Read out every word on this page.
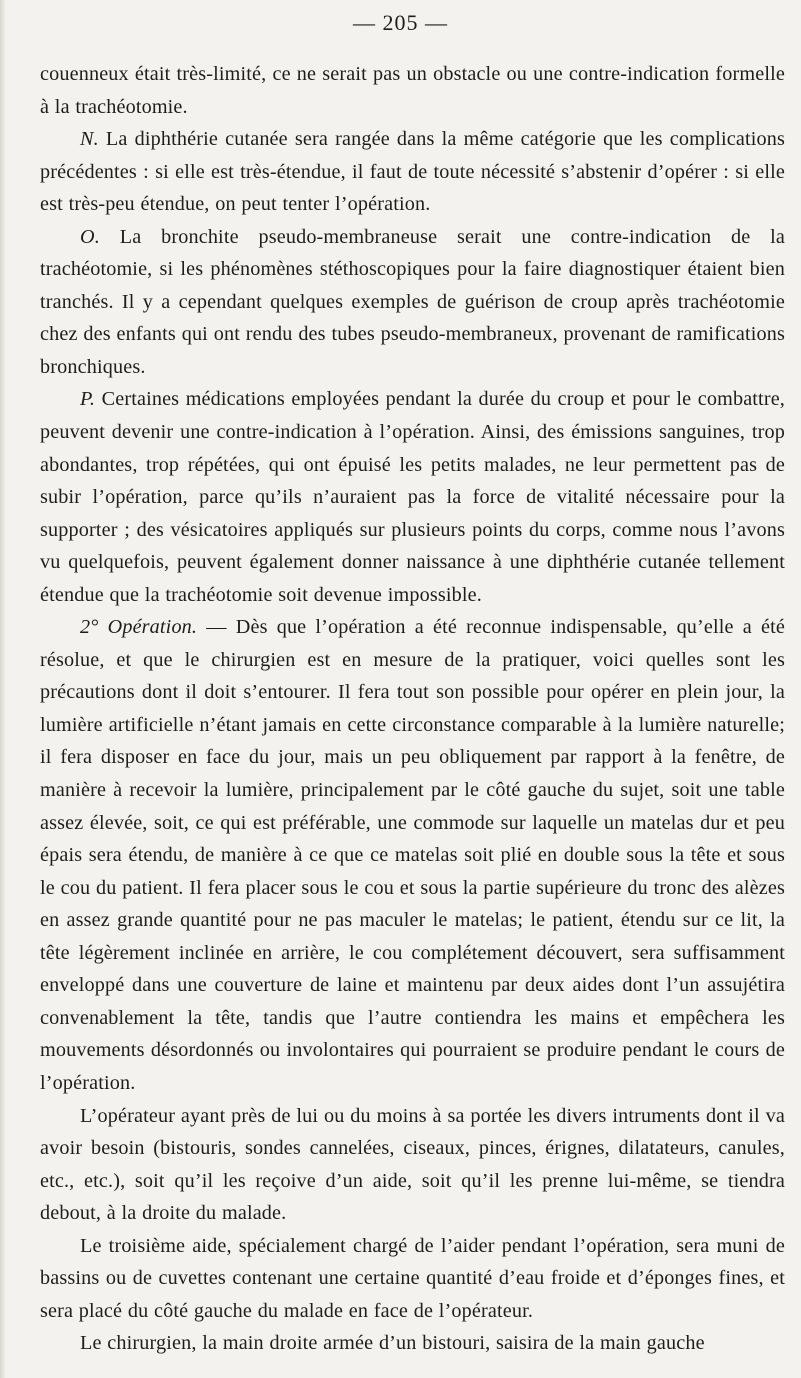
— 205 —

couenneux était très-limité, ce ne serait pas un obstacle ou une contre-indication formelle à la trachéotomie.

N. La diphthérie cutanée sera rangée dans la même catégorie que les complications précédentes : si elle est très-étendue, il faut de toute nécessité s’abstenir d’opérer : si elle est très-peu étendue, on peut tenter l’opération.

O. La bronchite pseudo-membraneuse serait une contre-indication de la trachéotomie, si les phénomènes stéthoscopiques pour la faire diagnostiquer étaient bien tranchés. Il y a cependant quelques exemples de guérison de croup après trachéotomie chez des enfants qui ont rendu des tubes pseudo-membraneux, provenant de ramifications bronchiques.

P. Certaines médications employées pendant la durée du croup et pour le combattre, peuvent devenir une contre-indication à l’opération. Ainsi, des émissions sanguines, trop abondantes, trop répétées, qui ont épuisé les petits malades, ne leur permettent pas de subir l’opération, parce qu’ils n’auraient pas la force de vitalité nécessaire pour la supporter ; des vésicatoires appliqués sur plusieurs points du corps, comme nous l’avons vu quelquefois, peuvent également donner naissance à une diphthérie cutanée tellement étendue que la trachéotomie soit devenue impossible.

2° Opération. — Dès que l’opération a été reconnue indispensable, qu’elle a été résolue, et que le chirurgien est en mesure de la pratiquer, voici quelles sont les précautions dont il doit s’entourer. Il fera tout son possible pour opérer en plein jour, la lumière artificielle n’étant jamais en cette circonstance comparable à la lumière naturelle; il fera disposer en face du jour, mais un peu obliquement par rapport à la fenêtre, de manière à recevoir la lumière, principalement par le côté gauche du sujet, soit une table assez élevée, soit, ce qui est préférable, une commode sur laquelle un matelas dur et peu épais sera étendu, de manière à ce que ce matelas soit plié en double sous la tête et sous le cou du patient. Il fera placer sous le cou et sous la partie supérieure du tronc des alèzes en assez grande quantité pour ne pas maculer le matelas; le patient, étendu sur ce lit, la tête légèrement inclinée en arrière, le cou complétement découvert, sera suffisamment enveloppé dans une couverture de laine et maintenu par deux aides dont l’un assujétira convenablement la tête, tandis que l’autre contiendra les mains et empêchera les mouvements désordonnés ou involontaires qui pourraient se produire pendant le cours de l’opération.

L’opérateur ayant près de lui ou du moins à sa portée les divers intruments dont il va avoir besoin (bistouris, sondes cannelées, ciseaux, pinces, érignes, dilatateurs, canules, etc., etc.), soit qu’il les reçoive d’un aide, soit qu’il les prenne lui-même, se tiendra debout, à la droite du malade.

Le troisième aide, spécialement chargé de l’aider pendant l’opération, sera muni de bassins ou de cuvettes contenant une certaine quantité d’eau froide et d’éponges fines, et sera placé du côté gauche du malade en face de l’opérateur.

Le chirurgien, la main droite armée d’un bistouri, saisira de la main gauche
